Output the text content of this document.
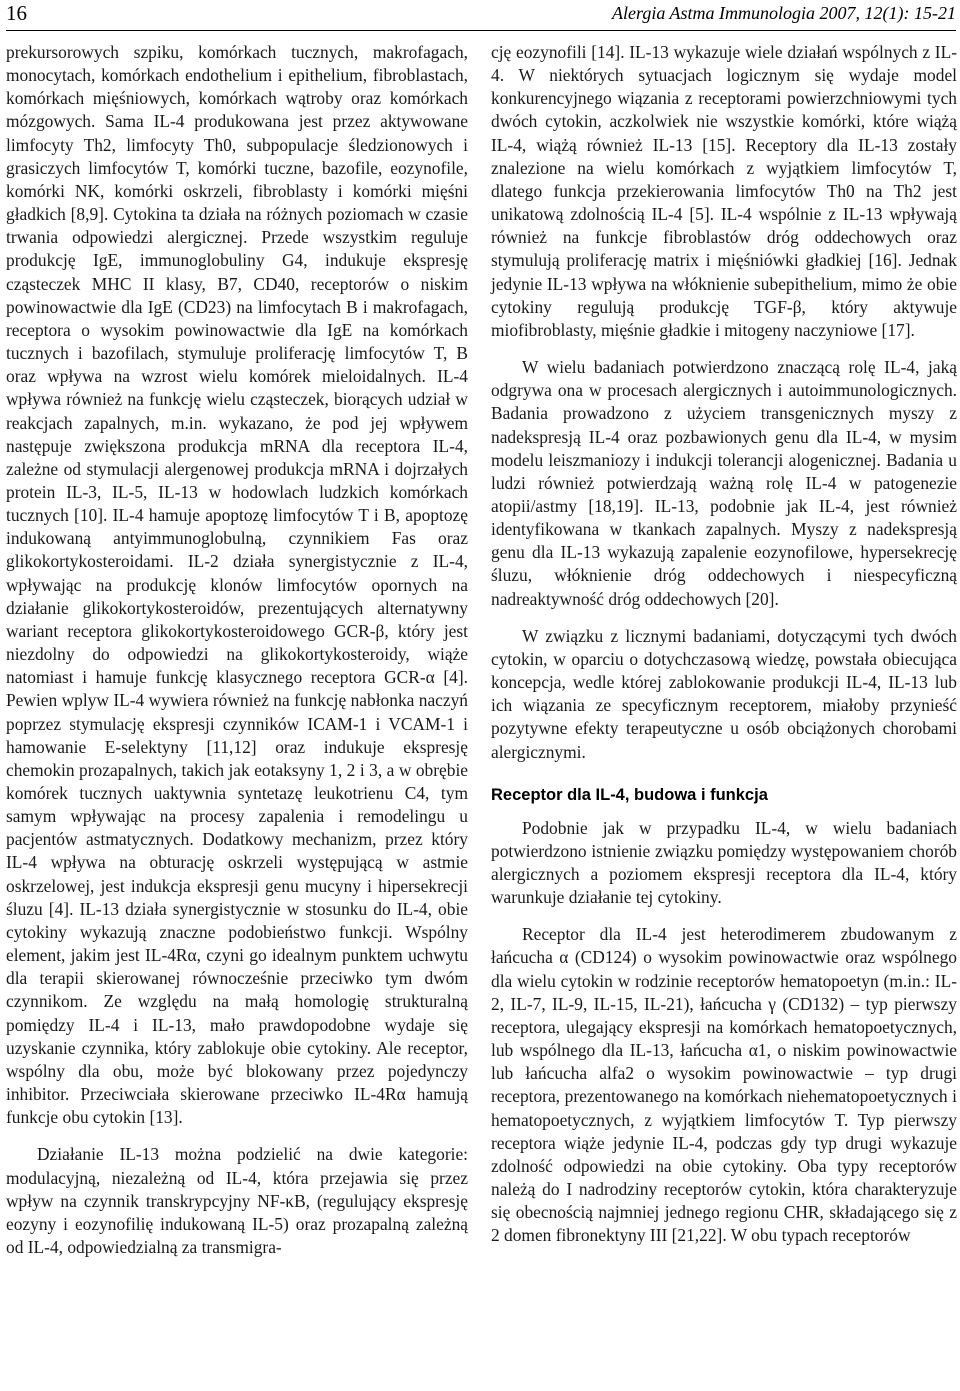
16	Alergia Astma Immunologia 2007, 12(1): 15-21

prekursorowych szpiku, komórkach tucznych, makrofagach, monocytach, komórkach endothelium i epithelium, fibroblastach, komórkach mięśniowych, komórkach wątroby oraz komórkach mózgowych. Sama IL-4 produkowana jest przez aktywowane limfocyty Th2, limfocyty Th0, subpopulacje śledzionowych i grasiczych limfocytów T, komórki tuczne, bazofile, eozynofile, komórki NK, komórki oskrzeli, fibroblasty i komórki mięśni gładkich [8,9]. Cytokina ta działa na różnych poziomach w czasie trwania odpowiedzi alergicznej. Przede wszystkim reguluje produkcję IgE, immunoglobuliny G4, indukuje ekspresję cząsteczek MHC II klasy, B7, CD40, receptorów o niskim powinowactwie dla IgE (CD23) na limfocytach B i makrofagach, receptora o wysokim powinowactwie dla IgE na komórkach tucznych i bazofilach, stymuluje proliferację limfocytów T, B oraz wpływa na wzrost wielu komórek mieloidalnych. IL-4 wpływa również na funkcję wielu cząsteczek, biorących udział w reakcjach zapalnych, m.in. wykazano, że pod jej wpływem następuje zwiększona produkcja mRNA dla receptora IL-4, zależne od stymulacji alergenowej produkcja mRNA i dojrzałych protein IL-3, IL-5, IL-13 w hodowlach ludzkich komórkach tucznych [10]. IL-4 hamuje apoptozę limfocytów T i B, apoptozę indukowaną antyimmunoglobulną, czynnikiem Fas oraz glikokortykosteroidami. IL-2 działa synergistycznie z IL-4, wpływając na produkcję klonów limfocytów opornych na działanie glikokortykosteroidów, prezentujących alternatywny wariant receptora glikokortykosteroidowego GCR-β, który jest niezdolny do odpowiedzi na glikokortykosteroidy, wiąże natomiast i hamuje funkcję klasycznego receptora GCR-α [4]. Pewien wplyw IL-4 wywiera również na funkcję nabłonka naczyń poprzez stymulację ekspresji czynników ICAM-1 i VCAM-1 i hamowanie E-selektyny [11,12] oraz indukuje ekspresję chemokin prozapalnych, takich jak eotaksyny 1, 2 i 3, a w obrębie komórek tucznych uaktywnia syntetazę leukotrienu C4, tym samym wpływając na procesy zapalenia i remodelingu u pacjentów astmatycznych. Dodatkowy mechanizm, przez który IL-4 wpływa na obturację oskrzeli występującą w astmie oskrzelowej, jest indukcja ekspresji genu mucyny i hipersekrecji śluzu [4]. IL-13 działa synergistycznie w stosunku do IL-4, obie cytokiny wykazują znaczne podobieństwo funkcji. Wspólny element, jakim jest IL-4Rα, czyni go idealnym punktem uchwytu dla terapii skierowanej równocześnie przeciwko tym dwóm czynnikom. Ze względu na małą homologię strukturalną pomiędzy IL-4 i IL-13, mało prawdopodobne wydaje się uzyskanie czynnika, który zablokuje obie cytokiny. Ale receptor, wspólny dla obu, może być blokowany przez pojedynczy inhibitor. Przeciwciała skierowane przeciwko IL-4Rα hamują funkcje obu cytokin [13].

Działanie IL-13 można podzielić na dwie kategorie: modulacyjną, niezależną od IL-4, która przejawia się przez wpływ na czynnik transkrypcyjny NF-κB, (regulujący ekspresję eozyny i eozynofilię indukowaną IL-5) oraz prozapalną zależną od IL-4, odpowiedzialną za transmigra-

cję eozynofili [14]. IL-13 wykazuje wiele działań wspólnych z IL-4. W niektórych sytuacjach logicznym się wydaje model konkurencyjnego wiązania z receptorami powierzchniowymi tych dwóch cytokin, aczkolwiek nie wszystkie komórki, które wiążą IL-4, wiążą również IL-13 [15]. Receptory dla IL-13 zostały znalezione na wielu komórkach z wyjątkiem limfocytów T, dlatego funkcja przekierowania limfocytów Th0 na Th2 jest unikatową zdolnością IL-4 [5]. IL-4 wspólnie z IL-13 wpływają również na funkcje fibroblastów dróg oddechowych oraz stymulują proliferację matrix i mięśniówki gładkiej [16]. Jednak jedynie IL-13 wpływa na włóknienie subepithelium, mimo że obie cytokiny regulują produkcję TGF-β, który aktywuje miofibroblasty, mięśnie gładkie i mitogeny naczyniowe [17].

W wielu badaniach potwierdzono znaczącą rolę IL-4, jaką odgrywa ona w procesach alergicznych i autoimmunologicznych. Badania prowadzono z użyciem transgenicznych myszy z nadekspresją IL-4 oraz pozbawionych genu dla IL-4, w mysim modelu leiszmaniozy i indukcji tolerancji alogenicznej. Badania u ludzi również potwierdzają ważną rolę IL-4 w patogenezie atopii/astmy [18,19]. IL-13, podobnie jak IL-4, jest również identyfikowana w tkankach zapalnych. Myszy z nadekspresją genu dla IL-13 wykazują zapalenie eozynofilowe, hypersekrecję śluzu, włóknienie dróg oddechowych i niespecyficzną nadreaktywność dróg oddechowych [20].

W związku z licznymi badaniami, dotyczącymi tych dwóch cytokin, w oparciu o dotychczasową wiedzę, powstała obiecująca koncepcja, wedle której zablokowanie produkcji IL-4, IL-13 lub ich wiązania ze specyficznym receptorem, miałoby przynieść pozytywne efekty terapeutyczne u osób obciążonych chorobami alergicznymi.

Receptor dla IL-4, budowa i funkcja

Podobnie jak w przypadku IL-4, w wielu badaniach potwierdzono istnienie związku pomiędzy występowaniem chorób alergicznych a poziomem ekspresji receptora dla IL-4, który warunkuje działanie tej cytokiny.

Receptor dla IL-4 jest heterodimerem zbudowanym z łańcucha α (CD124) o wysokim powinowactwie oraz wspólnego dla wielu cytokin w rodzinie receptorów hematopoetyn (m.in.: IL-2, IL-7, IL-9, IL-15, IL-21), łańcucha γ (CD132) – typ pierwszy receptora, ulegający ekspresji na komórkach hematopoetycznych, lub wspólnego dla IL-13, łańcucha α1, o niskim powinowactwie lub łańcucha alfa2 o wysokim powinowactwie – typ drugi receptora, prezentowanego na komórkach niehematopoetycznych i hematopoetycznych, z wyjątkiem limfocytów T. Typ pierwszy receptora wiąże jedynie IL-4, podczas gdy typ drugi wykazuje zdolność odpowiedzi na obie cytokiny. Oba typy receptorów należą do I nadrodziny receptorów cytokin, która charakteryzuje się obecnością najmniej jednego regionu CHR, składającego się z 2 domen fibronektyny III [21,22]. W obu typach receptorów
